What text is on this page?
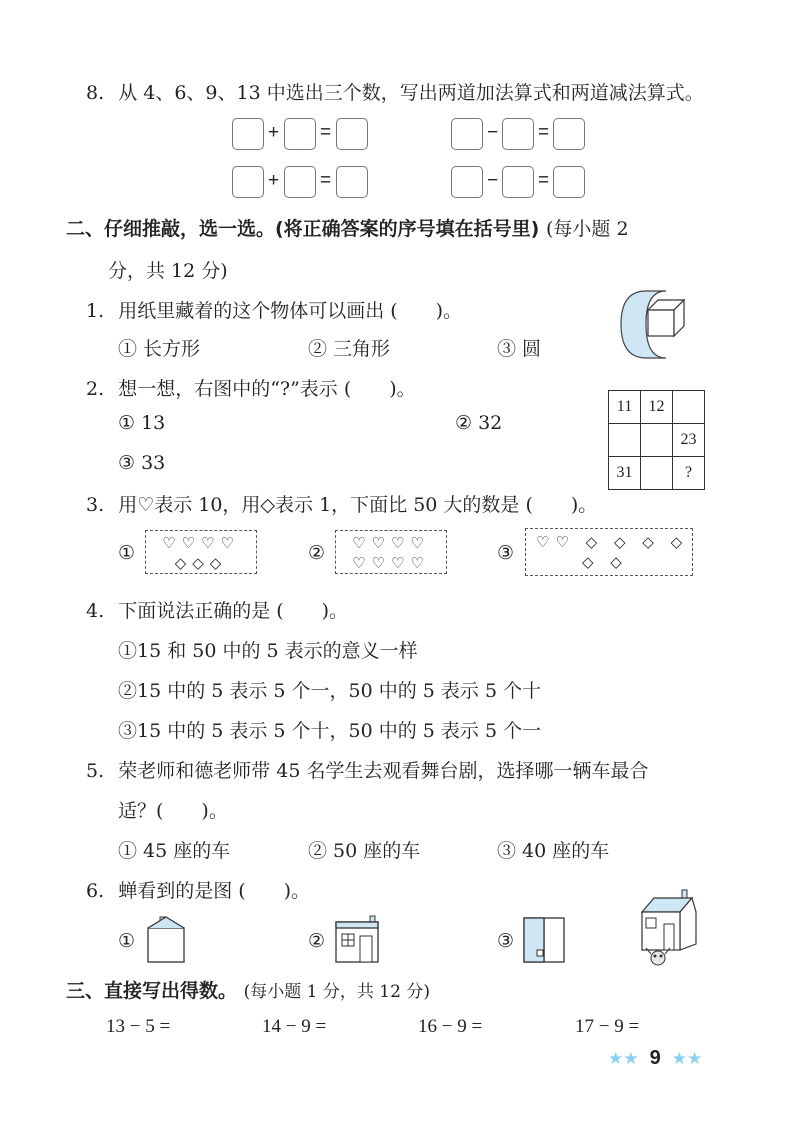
8. 从 4、6、9、13 中选出三个数，写出两道加法算式和两道减法算式。
+ =	− =
+ =	− =
二、仔细推敲，选一选。(将正确答案的序号填在括号里) (每小题 2
分，共 12 分)
1. 用纸里藏着的这个物体可以画出 (　　)。
① 长方形	② 三角形	③ 圆
2. 想一想，右图中的“?”表示 (　　)。
① 13	② 32
③ 33
11	12	
		23
31		?
3. 用♡表示 10，用◇表示 1，下面比 50 大的数是 (　　)。
①	♡♡♡♡
◇◇◇	②	♡♡♡♡
♡♡♡♡	③	♡♡ ◇ ◇ ◇ ◇
◇ ◇
4. 下面说法正确的是 (　　)。
①15 和 50 中的 5 表示的意义一样
②15 中的 5 表示 5 个一，50 中的 5 表示 5 个十
③15 中的 5 表示 5 个十，50 中的 5 表示 5 个一
5. 荣老师和德老师带 45 名学生去观看舞台剧，选择哪一辆车最合
适？(　　)。
① 45 座的车	② 50 座的车	③ 40 座的车
6. 蝉看到的是图 (　　)。
①	②	③
三、直接写出得数。 (每小题 1 分，共 12 分)
13 − 5 =	14 − 9 =	16 − 9 =	17 − 9 =
★★ 9 ★★
